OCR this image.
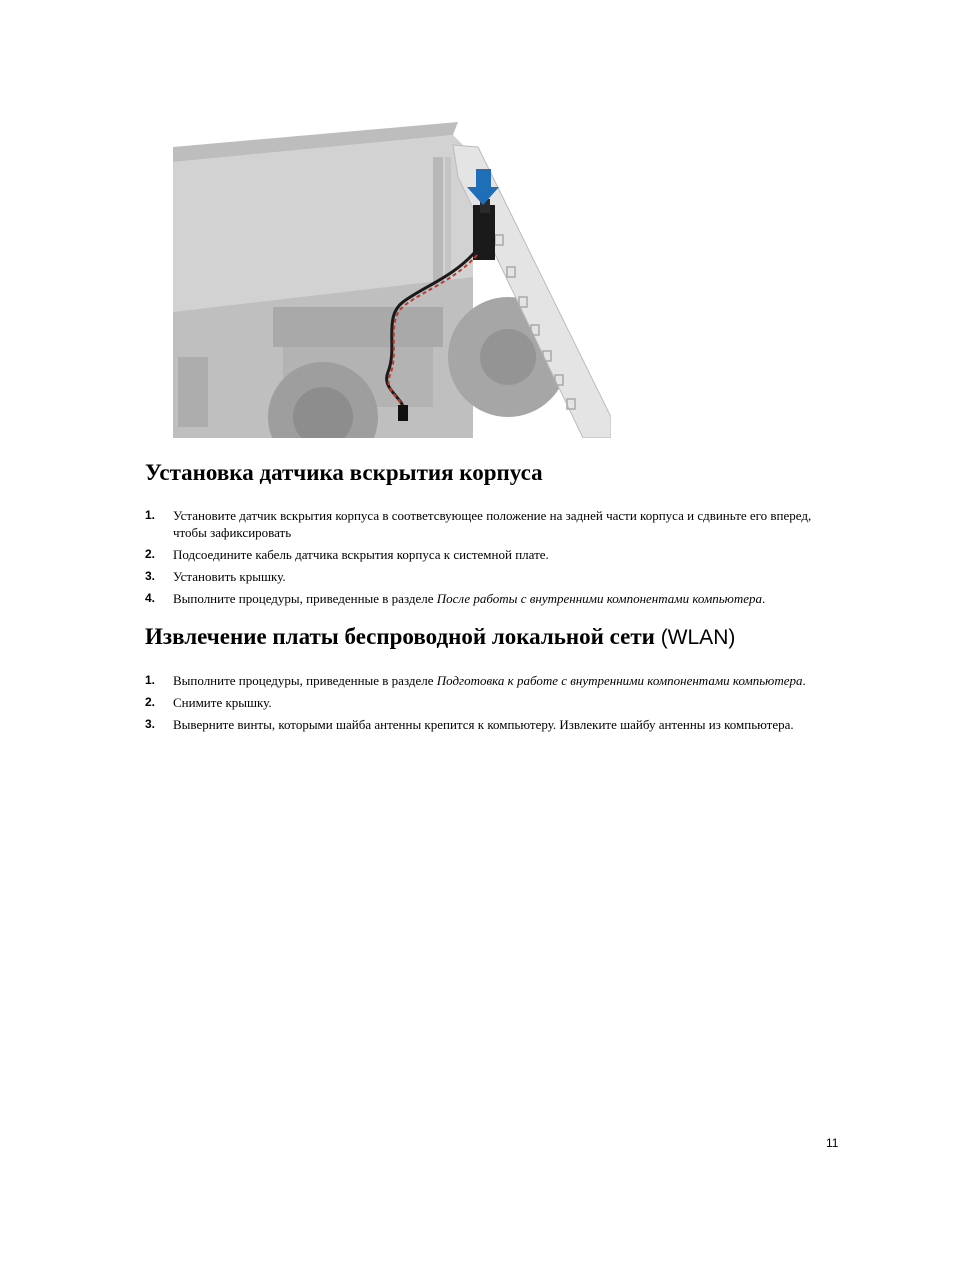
Установка датчика вскрытия корпуса
1. Установите датчик вскрытия корпуса в соответсвующее положение на задней части корпуса и сдвиньте его вперед, чтобы зафиксировать
2. Подсоедините кабель датчика вскрытия корпуса к системной плате.
3. Установить крышку.
4. Выполните процедуры, приведенные в разделе После работы с внутренними компонентами компьютера.
Извлечение платы беспроводной локальной сети (WLAN)
1. Выполните процедуры, приведенные в разделе Подготовка к работе с внутренними компонентами компьютера.
2. Снимите крышку.
3. Выверните винты, которыми шайба антенны крепится к компьютеру. Извлеките шайбу антенны из компьютера.
11
